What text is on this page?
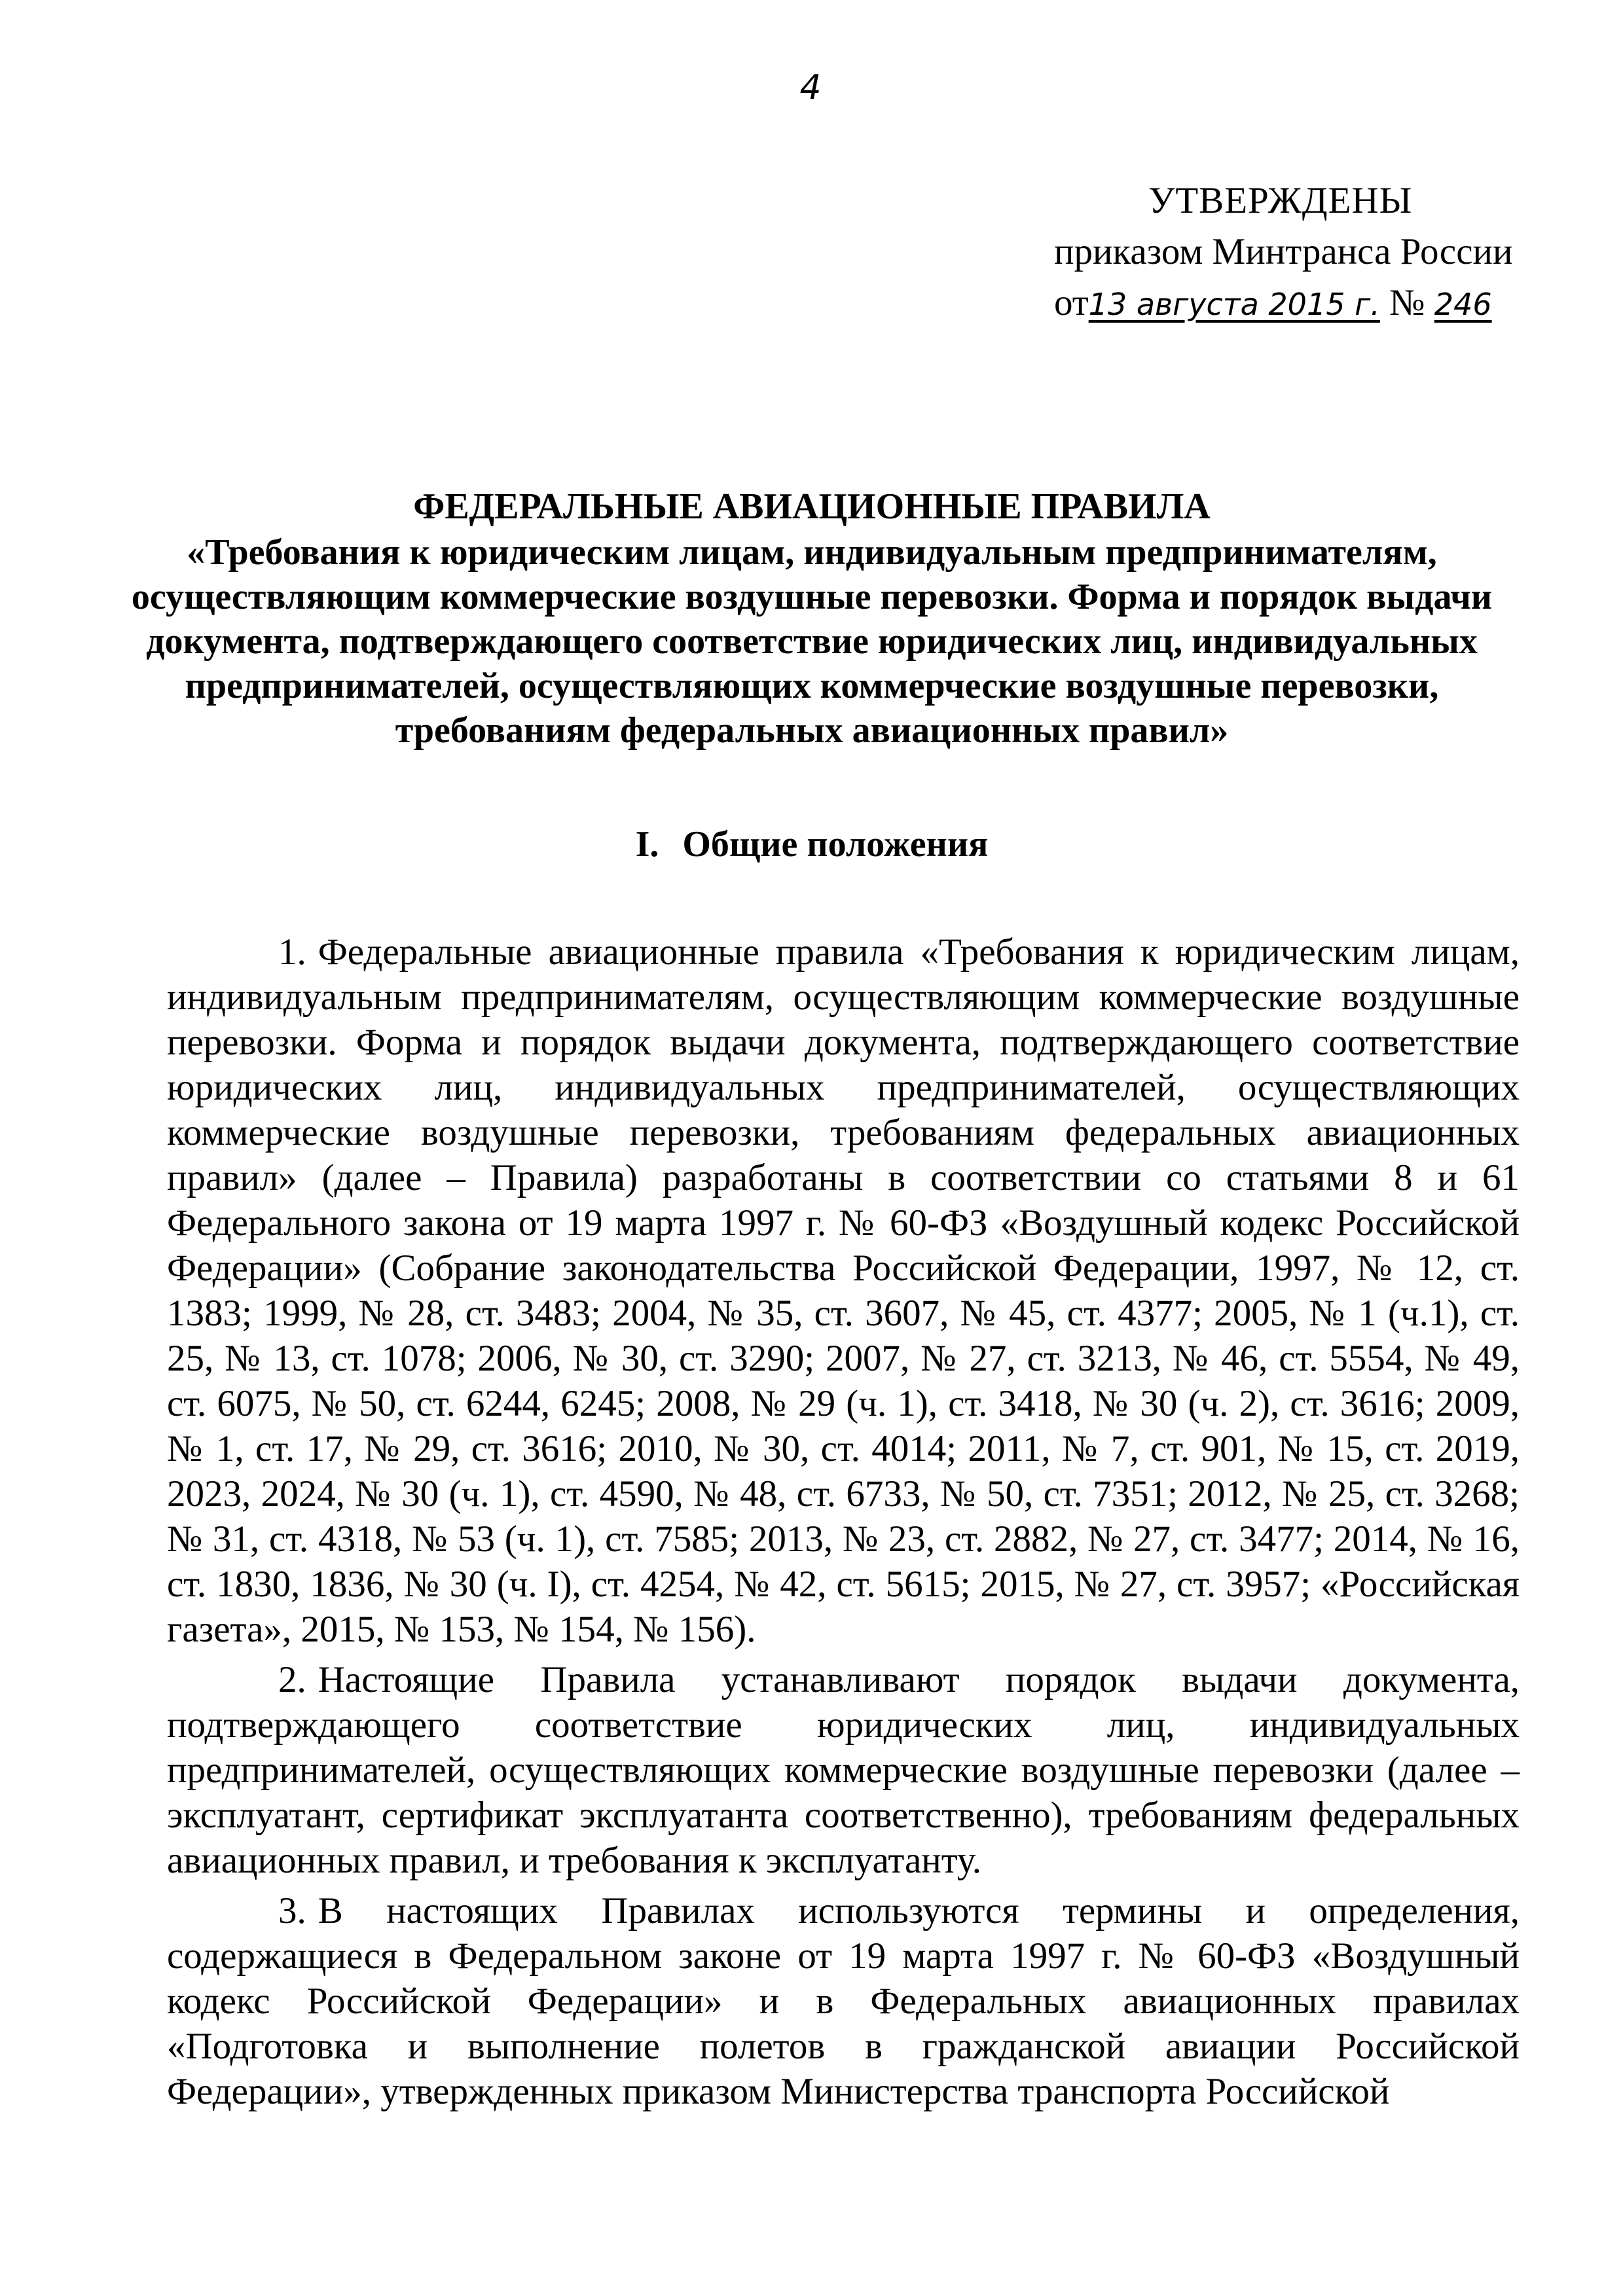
4
УТВЕРЖДЕНЫ
приказом Минтранса России
от13 августа 2015 г. № 246
ФЕДЕРАЛЬНЫЕ АВИАЦИОННЫЕ ПРАВИЛА
«Требования к юридическим лицам, индивидуальным предпринимателям, осуществляющим коммерческие воздушные перевозки. Форма и порядок выдачи документа, подтверждающего соответствие юридических лиц, индивидуальных предпринимателей, осуществляющих коммерческие воздушные перевозки, требованиям федеральных авиационных правил»
I. Общие положения

1. Федеральные авиационные правила «Требования к юридическим лицам, индивидуальным предпринимателям, осуществляющим коммерческие воздушные перевозки. Форма и порядок выдачи документа, подтверждающего соответствие юридических лиц, индивидуальных предпринимателей, осуществляющих коммерческие воздушные перевозки, требованиям федеральных авиационных правил» (далее – Правила) разработаны в соответствии со статьями 8 и 61 Федерального закона от 19 марта 1997 г. № 60-ФЗ «Воздушный кодекс Российской Федерации» (Собрание законодательства Российской Федерации, 1997, № 12, ст. 1383; 1999, № 28, ст. 3483; 2004, № 35, ст. 3607, № 45, ст. 4377; 2005, № 1 (ч.1), ст. 25, № 13, ст. 1078; 2006, № 30, ст. 3290; 2007, № 27, ст. 3213, № 46, ст. 5554, № 49, ст. 6075, № 50, ст. 6244, 6245; 2008, № 29 (ч. 1), ст. 3418, № 30 (ч. 2), ст. 3616; 2009, № 1, ст. 17, № 29, ст. 3616; 2010, № 30, ст. 4014; 2011, № 7, ст. 901, № 15, ст. 2019, 2023, 2024, № 30 (ч. 1), ст. 4590, № 48, ст. 6733, № 50, ст. 7351; 2012, № 25, ст. 3268; № 31, ст. 4318, № 53 (ч. 1), ст. 7585; 2013, № 23, ст. 2882, № 27, ст. 3477; 2014, № 16, ст. 1830, 1836, № 30 (ч. I), ст. 4254, № 42, ст. 5615; 2015, № 27, ст. 3957; «Российская газета», 2015, № 153, № 154, № 156).

2. Настоящие Правила устанавливают порядок выдачи документа, подтверждающего соответствие юридических лиц, индивидуальных предпринимателей, осуществляющих коммерческие воздушные перевозки (далее – эксплуатант, сертификат эксплуатанта соответственно), требованиям федеральных авиационных правил, и требования к эксплуатанту.

3. В настоящих Правилах используются термины и определения, содержащиеся в Федеральном законе от 19 марта 1997 г. № 60-ФЗ «Воздушный кодекс Российской Федерации» и в Федеральных авиационных правилах «Подготовка и выполнение полетов в гражданской авиации Российской Федерации», утвержденных приказом Министерства транспорта Российской
